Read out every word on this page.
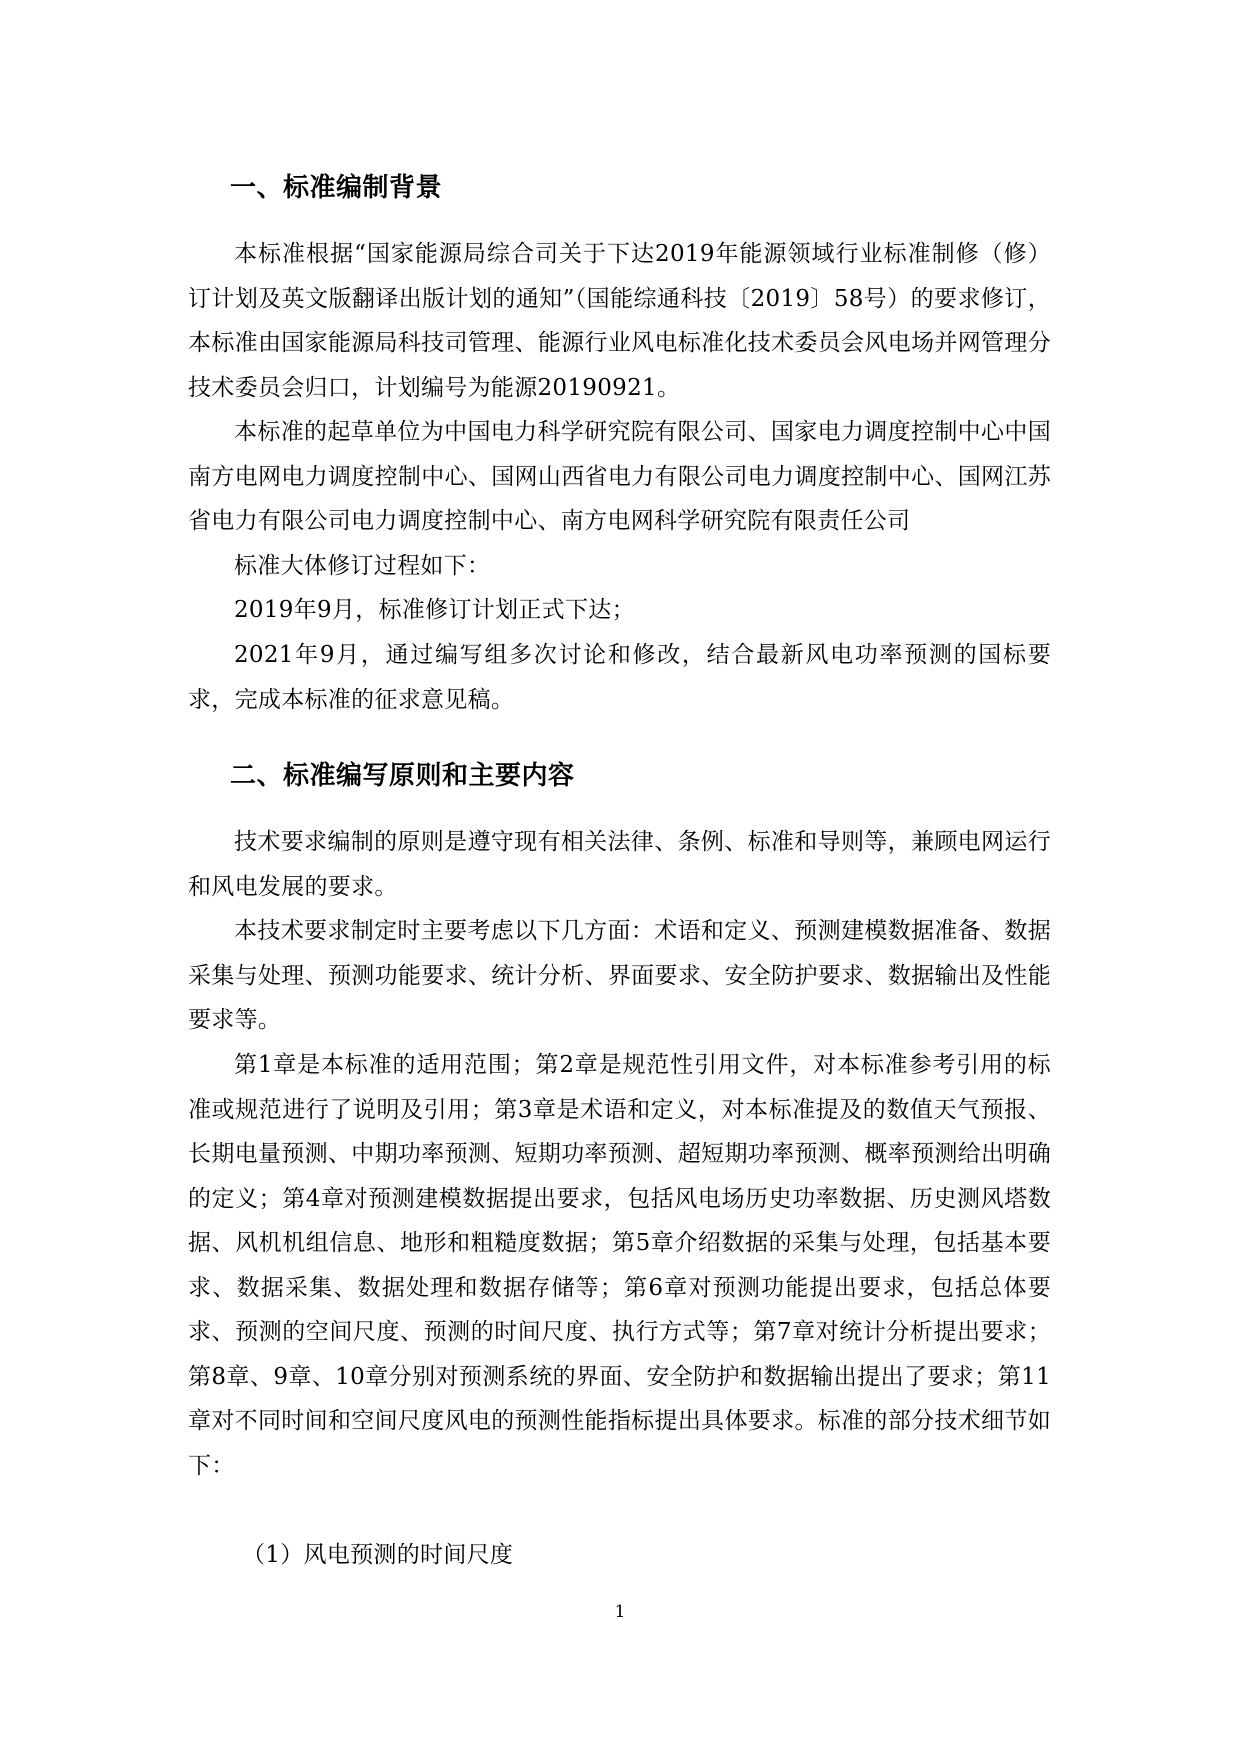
一、标准编制背景

本标准根据“国家能源局综合司关于下达2019年能源领域行业标准制修（修）订计划及英文版翻译出版计划的通知”（国能综通科技〔2019〕58号）的要求修订，本标准由国家能源局科技司管理、能源行业风电标准化技术委员会风电场并网管理分技术委员会归口，计划编号为能源20190921。

本标准的起草单位为中国电力科学研究院有限公司、国家电力调度控制中心中国南方电网电力调度控制中心、国网山西省电力有限公司电力调度控制中心、国网江苏省电力有限公司电力调度控制中心、南方电网科学研究院有限责任公司

标准大体修订过程如下：

2019年9月，标准修订计划正式下达；

2021年9月，通过编写组多次讨论和修改，结合最新风电功率预测的国标要求，完成本标准的征求意见稿。

二、标准编写原则和主要内容

技术要求编制的原则是遵守现有相关法律、条例、标准和导则等，兼顾电网运行和风电发展的要求。

本技术要求制定时主要考虑以下几方面：术语和定义、预测建模数据准备、数据采集与处理、预测功能要求、统计分析、界面要求、安全防护要求、数据输出及性能要求等。

第1章是本标准的适用范围；第2章是规范性引用文件，对本标准参考引用的标准或规范进行了说明及引用；第3章是术语和定义，对本标准提及的数值天气预报、长期电量预测、中期功率预测、短期功率预测、超短期功率预测、概率预测给出明确的定义；第4章对预测建模数据提出要求，包括风电场历史功率数据、历史测风塔数据、风机机组信息、地形和粗糙度数据；第5章介绍数据的采集与处理，包括基本要求、数据采集、数据处理和数据存储等；第6章对预测功能提出要求，包括总体要求、预测的空间尺度、预测的时间尺度、执行方式等；第7章对统计分析提出要求；第8章、9章、10章分别对预测系统的界面、安全防护和数据输出提出了要求；第11章对不同时间和空间尺度风电的预测性能指标提出具体要求。标准的部分技术细节如下：

（1）风电预测的时间尺度

1
